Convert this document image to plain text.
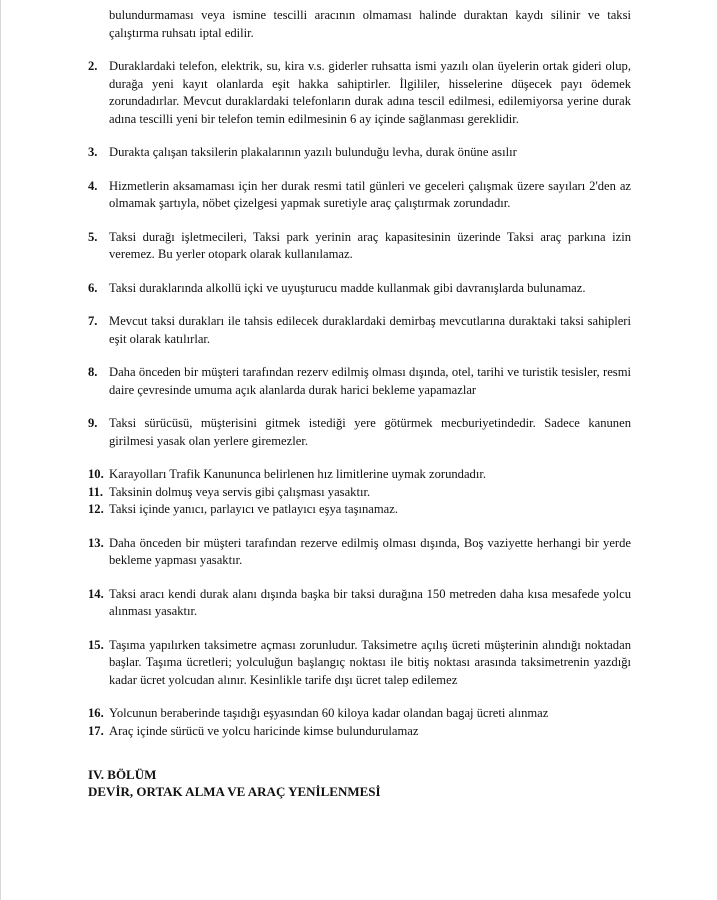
bulundurmaması veya ismine tescilli aracının olmaması halinde duraktan kaydı silinir ve taksi çalıştırma ruhsatı iptal edilir.
2. Duraklardaki telefon, elektrik, su, kira v.s. giderler ruhsatta ismi yazılı olan üyelerin ortak gideri olup, durağa yeni kayıt olanlarda eşit hakka sahiptirler. İlgililer, hisselerine düşecek payı ödemek zorundadırlar. Mevcut duraklardaki telefonların durak adına tescil edilmesi, edilemiyorsa yerine durak adına tescilli yeni bir telefon temin edilmesinin 6 ay içinde sağlanması gereklidir.
3. Durakta çalışan taksilerin plakalarının yazılı bulunduğu levha, durak önüne asılır
4. Hizmetlerin aksamaması için her durak resmi tatil günleri ve geceleri çalışmak üzere sayıları 2'den az olmamak şartıyla, nöbet çizelgesi yapmak suretiyle araç çalıştırmak zorundadır.
5. Taksi durağı işletmecileri, Taksi park yerinin araç kapasitesinin üzerinde Taksi araç parkına izin veremez. Bu yerler otopark olarak kullanılamaz.
6. Taksi duraklarında alkollü içki ve uyuşturucu madde kullanmak gibi davranışlarda bulunamaz.
7. Mevcut taksi durakları ile tahsis edilecek duraklardaki demirbaş mevcutlarına duraktaki taksi sahipleri eşit olarak katılırlar.
8. Daha önceden bir müşteri tarafından rezerv edilmiş olması dışında, otel, tarihi ve turistik tesisler, resmi daire çevresinde umuma açık alanlarda durak harici bekleme yapamazlar
9. Taksi sürücüsü, müşterisini gitmek istediği yere götürmek mecburiyetindedir. Sadece kanunen girilmesi yasak olan yerlere giremezler.
10. Karayolları Trafik Kanununca belirlenen hız limitlerine uymak zorundadır.
11. Taksinin dolmuş veya servis gibi çalışması yasaktır.
12. Taksi içinde yanıcı, parlayıcı ve patlayıcı eşya taşınamaz.
13. Daha önceden bir müşteri tarafından rezerve edilmiş olması dışında, Boş vaziyette herhangi bir yerde bekleme yapması yasaktır.
14. Taksi aracı kendi durak alanı dışında başka bir taksi durağına 150 metreden daha kısa mesafede yolcu alınması yasaktır.
15. Taşıma yapılırken taksimetre açması zorunludur. Taksimetre açılış ücreti müşterinin alındığı noktadan başlar. Taşıma ücretleri; yolculuğun başlangıç noktası ile bitiş noktası arasında taksimetrenin yazdığı kadar ücret yolcudan alınır. Kesinlikle tarife dışı ücret talep edilemez
16. Yolcunun beraberinde taşıdığı eşyasından 60 kiloya kadar olandan bagaj ücreti alınmaz
17. Araç içinde sürücü ve yolcu haricinde kimse bulundurulamaz
IV. BÖLÜM
DEVİR, ORTAK ALMA VE ARAÇ YENİLENMESİ
